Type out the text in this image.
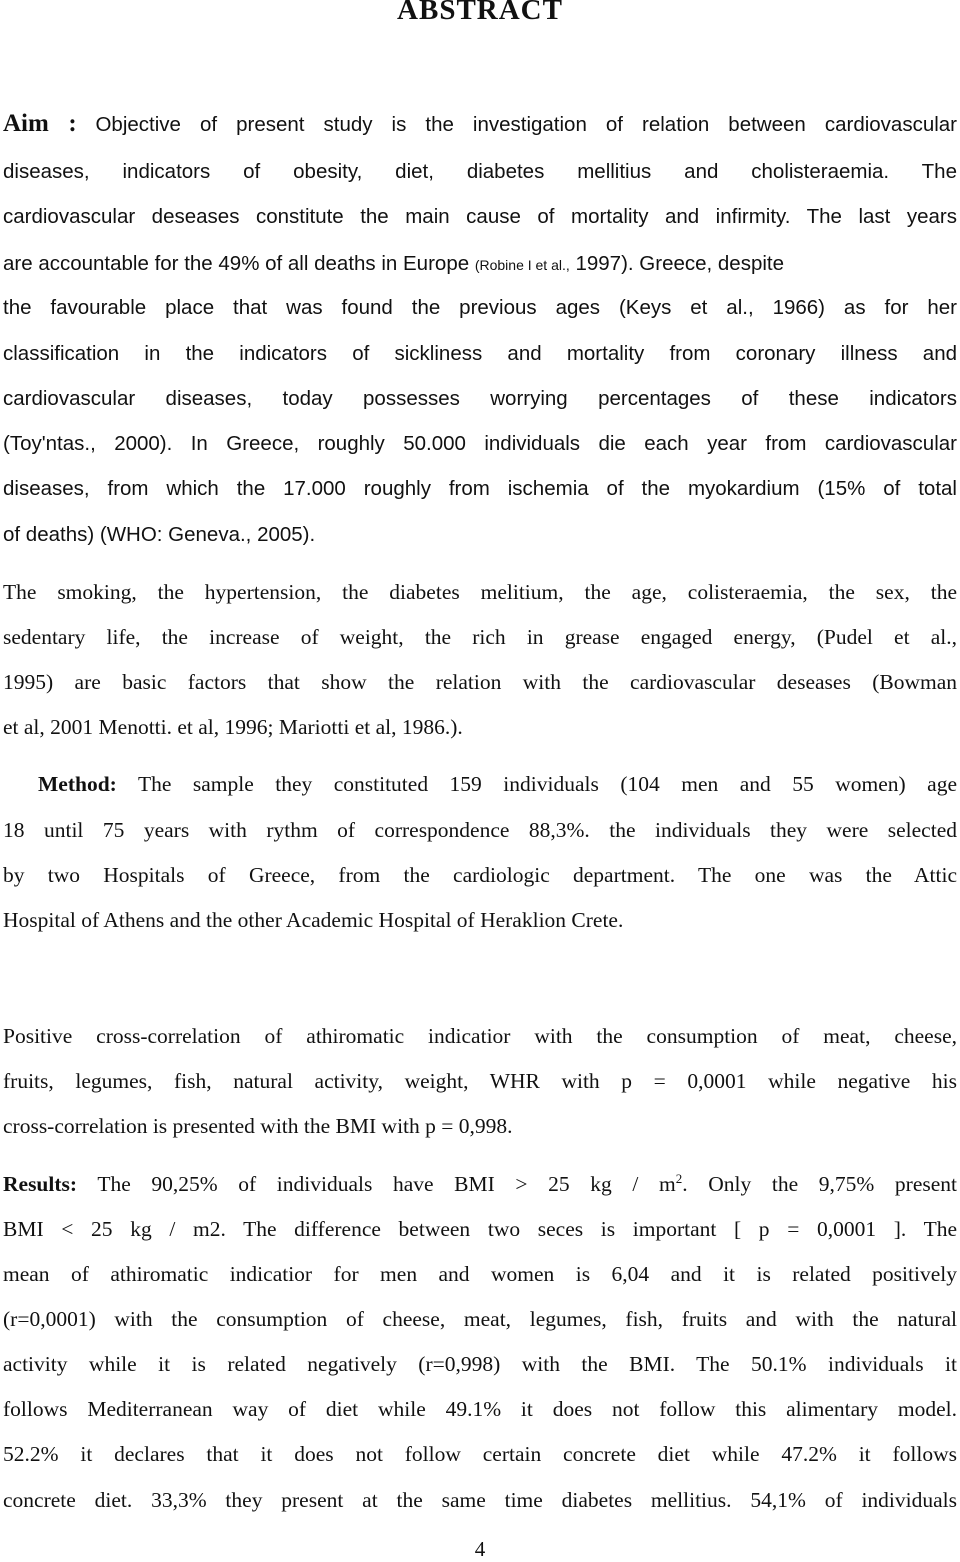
ABSTRACT
Aim : Objective of present study is the investigation of relation between cardiovascular
diseases, indicators of obesity, diet, diabetes mellitius and cholisteraemia. The
cardiovascular deseases constitute the main cause of mortality and infirmity. The last years
are accountable for the 49% of all deaths in Europe (Robine I et al., 1997). Greece, despite
the favourable place that was found the previous ages (Keys et al., 1966) as for her
classification in the indicators of sickliness and mortality from coronary illness and
cardiovascular diseases, today possesses worrying percentages of these indicators
(Toy'ntas., 2000). In Greece, roughly 50.000 individuals die each year from cardiovascular
diseases, from which the 17.000 roughly from ischemia of the myokardium (15% of total
of deaths) (WHO: Geneva., 2005).
The smoking, the hypertension, the diabetes melitium, the age, colisteraemia, the sex, the
sedentary life, the increase of weight, the rich in grease engaged energy, (Pudel et al.,
1995) are basic factors that show the relation with the cardiovascular deseases (Bowman
et al, 2001 Menotti. et al, 1996; Mariotti et al, 1986.).
Method: The sample they constituted 159 individuals (104 men and 55 women) age
18 until 75 years with rythm of correspondence 88,3%. the individuals they were selected
by two Hospitals of Greece, from the cardiologic department. The one was the Attic
Hospital of Athens and the other Academic Hospital of Heraklion Crete.
Positive cross-correlation of athiromatic indicatior with the consumption of meat, cheese,
fruits, legumes, fish, natural activity, weight, WHR with p = 0,0001 while negative his
cross-correlation is presented with the BMI with p = 0,998.
Results: The 90,25% of individuals have BMI > 25 kg / $m^2$. Only the 9,75% present
BMI < 25 kg / m2. The difference between two seces is important [ p = 0,0001 ]. The
mean of athiromatic indicatior for men and women is 6,04 and it is related positively
(r=0,0001) with the consumption of cheese, meat, legumes, fish, fruits and with the natural
activity while it is related negatively (r=0,998) with the BMI. The 50.1% individuals it
follows Mediterranean way of diet while 49.1% it does not follow this alimentary model.
52.2% it declares that it does not follow certain concrete diet while 47.2% it follows
concrete diet. 33,3% they present at the same time diabetes mellitius. 54,1% of individuals
4
